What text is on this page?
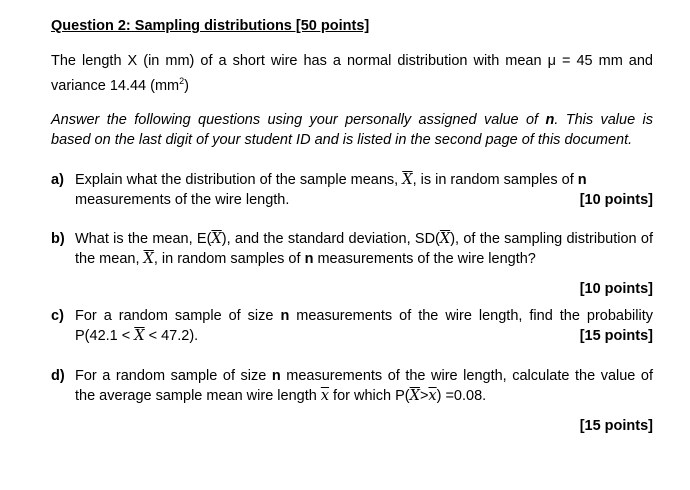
Question 2: Sampling distributions [50 points]
The length X (in mm) of a short wire has a normal distribution with mean μ = 45 mm and variance 14.44 $(mm^2)$
Answer the following questions using your personally assigned value of n. This value is based on the last digit of your student ID and is listed in the second page of this document.
a) Explain what the distribution of the sample means, $\overline{X}$, is in random samples of n
measurements of the wire length.	[10 points]
b) What is the mean, $E(\overline{X})$, and the standard deviation, $SD(\overline{X})$, of the sampling distribution of the mean, $\overline{X}$, in random samples of n measurements of the wire length?
[10 points]
c) For a random sample of size n measurements of the wire length, find the probability $P(42.1 < \overline{X} < 47.2)$.	[15 points]
d) For a random sample of size n measurements of the wire length, calculate the value of the average sample mean wire length $\overline{x}$ for which $P(\overline{X}>\overline{x}) =0.08$.
[15 points]
